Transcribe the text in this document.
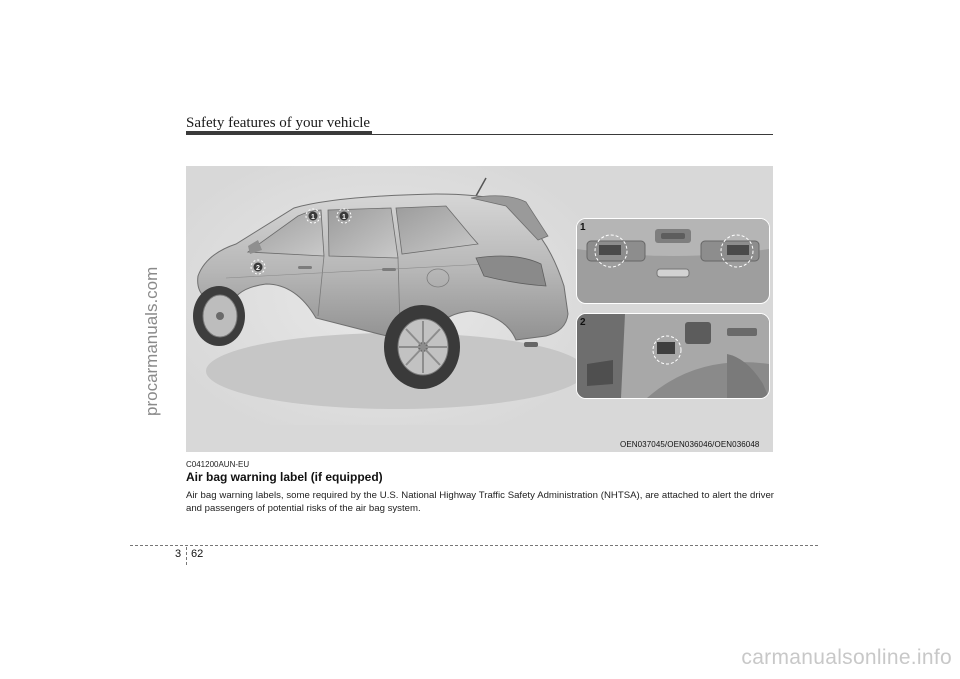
Safety features of your vehicle
procarmanuals.com
1	1
2
1
2
OEN037045/OEN036046/OEN036048
C041200AUN-EU
Air bag warning label (if equipped)
Air bag warning labels, some required by the U.S. National Highway Traffic Safety Administration (NHTSA), are attached to alert the driver and passengers of potential risks of the air bag system.
3 62
carmanualsonline.info
